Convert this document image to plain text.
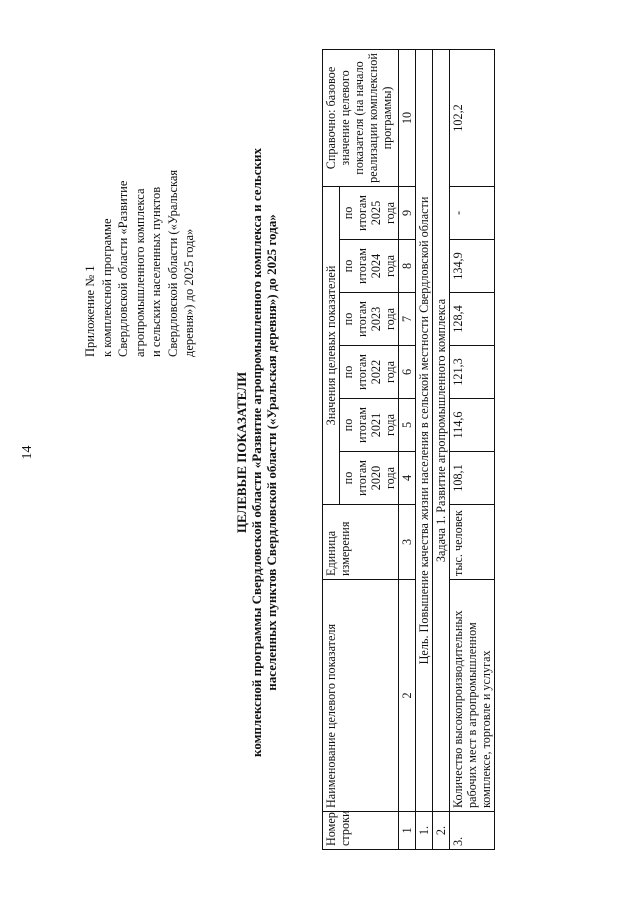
14
Приложение № 1 к комплексной программе Свердловской области «Развитие агропромышленного комплекса и сельских населенных пунктов Свердловской области («Уральская деревня») до 2025 года»
ЦЕЛЕВЫЕ ПОКАЗАТЕЛИ комплексной программы Свердловской области «Развитие агропромышленного комплекса и сельских населенных пунктов Свердловской области («Уральская деревня») до 2025 года»
Номер строки	Наименование целевого показателя	Единица измерения	Значения целевых показателей						Справочно: базовое значение целевого показателя (на начало реализации комплексной программы)
			по итогам 2020 года	по итогам 2021 года	по итогам 2022 года	по итогам 2023 года	по итогам 2024 года	по итогам 2025 года	
1	2	3	4	5	6	7	8	9	10
1.	Цель. Повышение качества жизни населения в сельской местности Свердловской области								
2.	Задача 1. Развитие агропромышленного комплекса								
3.	Количество высокопроизводительных рабочих мест в агропромышленном комплексе, торговле и услугах	тыс. человек	108,1	114,6	121,3	128,4	134,9	-	102,2
